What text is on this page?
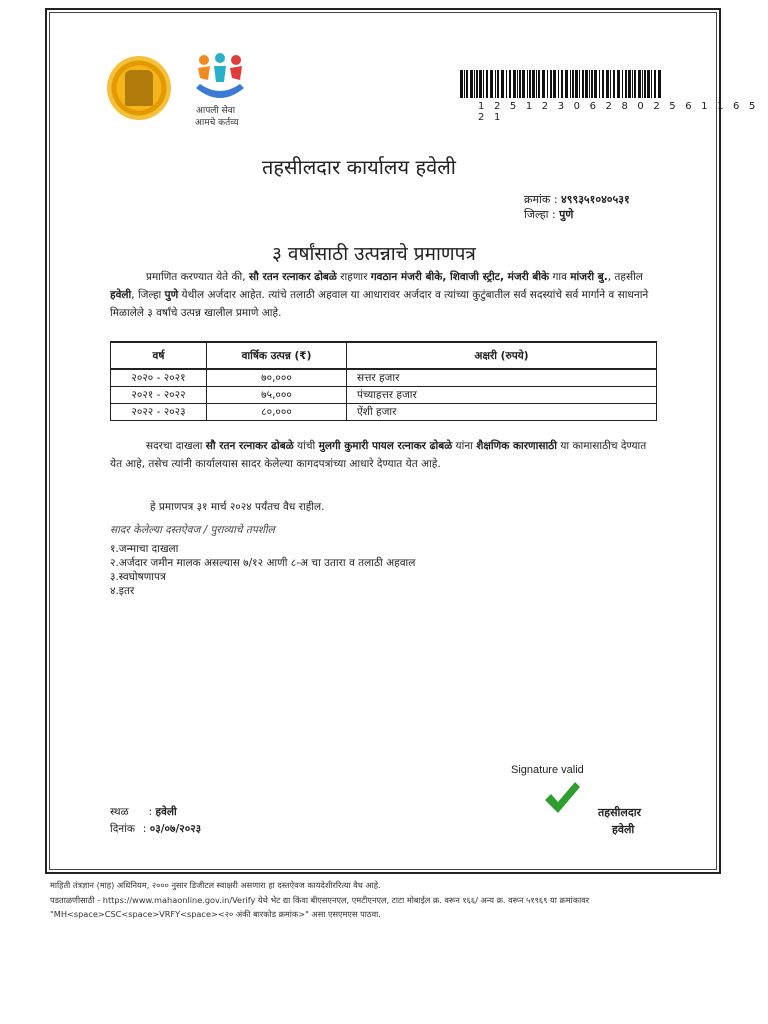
आपली सेवा
आमचे कर्तव्य
1 2 5 1 2 3 0 6 2 8 0 2 5 6 1 1 6 5 2 1
तहसीलदार कार्यालय हवेली
क्रमांक : ४९९३५१०४०५३१
जिल्हा : पुणे
३ वर्षांसाठी उत्पन्नाचे प्रमाणपत्र
प्रमाणित करण्यात येते की, सौ रतन रत्नाकर ढोबळे राहणार गवठान मंजरी बीके, शिवाजी स्ट्रीट, मंजरी बीके गाव मांजरी बु., तहसील हवेली, जिल्हा पुणे येथील अर्जदार आहेत. त्यांचे तलाठी अहवाल या आधारावर अर्जदार व त्यांच्या कुटुंबातील सर्व सदस्यांचे सर्व मार्गाने व साधनाने मिळालेले ३ वर्षांचे उत्पन्न खालील प्रमाणे आहे.
वर्ष	वार्षिक उत्पन्न (₹)	अक्षरी (रुपये)
२०२० - २०२१	७०,०००	सत्तर हजार
२०२१ - २०२२	७५,०००	पंच्याहत्तर हजार
२०२२ - २०२३	८०,०००	ऐंशी हजार
सदरचा दाखला सौ रतन रत्नाकर ढोबळे यांची मुलगी कुमारी पायल रत्नाकर ढोबळे यांना शैक्षणिक कारणासाठी या कामासाठीच देण्यात येत आहे, तसेच त्यांनी कार्यालयास सादर केलेल्या कागदपत्रांच्या आधारे देण्यात येत आहे.
हे प्रमाणपत्र ३१ मार्च २०२४ पर्यंतच वैध राहील.
सादर केलेल्या दस्तऐवज / पुराव्याचे तपशील
१.जन्माचा दाखला
२.अर्जदार जमीन मालक असल्यास ७/१२ आणी ८-अ चा उतारा व तलाठी अहवाल
३.स्वघोषणापत्र
४.इतर
Signature valid
तहसीलदार
हवेली
स्थळ : हवेली
दिनांक : ०३/०७/२०२३
माहिती तंत्रज्ञान (माह) अधिनियम, २००० नुसार डिजीटल स्वाक्षरी असणारा हा दस्तऐवज कायदेशीररित्या वैध आहे.
पडताळणीसाठी - https://www.mahaonline.gov.in/Verify येथे भेट द्या किंवा बीएसएनएल, एमटीएनएल, टाटा मोबाईल क्र. वरून १६६/ अन्य क्र. वरून ५१९६९ या क्रमांकावर
"MH<space>CSC<space>VRFY<space><२० अंकी बारकोड क्रमांक>" असा एसएमएस पाठवा.
